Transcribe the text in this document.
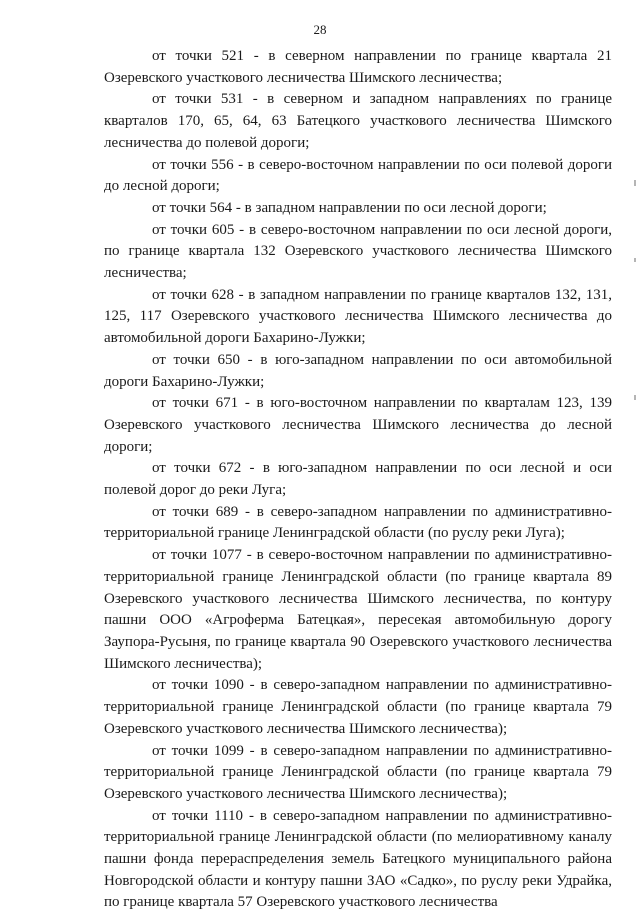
28

от точки 521 - в северном направлении по границе квартала 21 Озеревского участкового лесничества Шимского лесничества;

от точки 531 - в северном и западном направлениях по границе кварталов 170, 65, 64, 63 Батецкого участкового лесничества Шимского лесничества до полевой дороги;

от точки 556 - в северо-восточном направлении по оси полевой дороги до лесной дороги;

от точки 564 - в западном направлении по оси лесной дороги;

от точки 605 - в северо-восточном направлении по оси лесной дороги, по границе квартала 132 Озеревского участкового лесничества Шимского лесничества;

от точки 628 - в западном направлении по границе кварталов 132, 131, 125, 117 Озеревского участкового лесничества Шимского лесничества до автомобильной дороги Бахарино-Лужки;

от точки 650 - в юго-западном направлении по оси автомобильной дороги Бахарино-Лужки;

от точки 671 - в юго-восточном направлении по кварталам 123, 139 Озеревского участкового лесничества Шимского лесничества до лесной дороги;

от точки 672 - в юго-западном направлении по оси лесной и оси полевой дорог до реки Луга;

от точки 689 - в северо-западном направлении по административно-территориальной границе Ленинградской области (по руслу реки Луга);

от точки 1077 - в северо-восточном направлении по административно-территориальной границе Ленинградской области (по границе квартала 89 Озеревского участкового лесничества Шимского лесничества, по контуру пашни ООО «Агроферма Батецкая», пересекая автомобильную дорогу Заупора-Русыня, по границе квартала 90 Озеревского участкового лесничества Шимского лесничества);

от точки 1090 - в северо-западном направлении по административно-территориальной границе Ленинградской области (по границе квартала 79 Озеревского участкового лесничества Шимского лесничества);

от точки 1099 - в северо-западном направлении по административно-территориальной границе Ленинградской области (по границе квартала 79 Озеревского участкового лесничества Шимского лесничества);

от точки 1110 - в северо-западном направлении по административно-территориальной границе Ленинградской области (по мелиоративному каналу пашни фонда перераспределения земель Батецкого муниципального района Новгородской области и контуру пашни ЗАО «Садко», по руслу реки Удрайка, по границе квартала 57 Озеревского участкового лесничества
